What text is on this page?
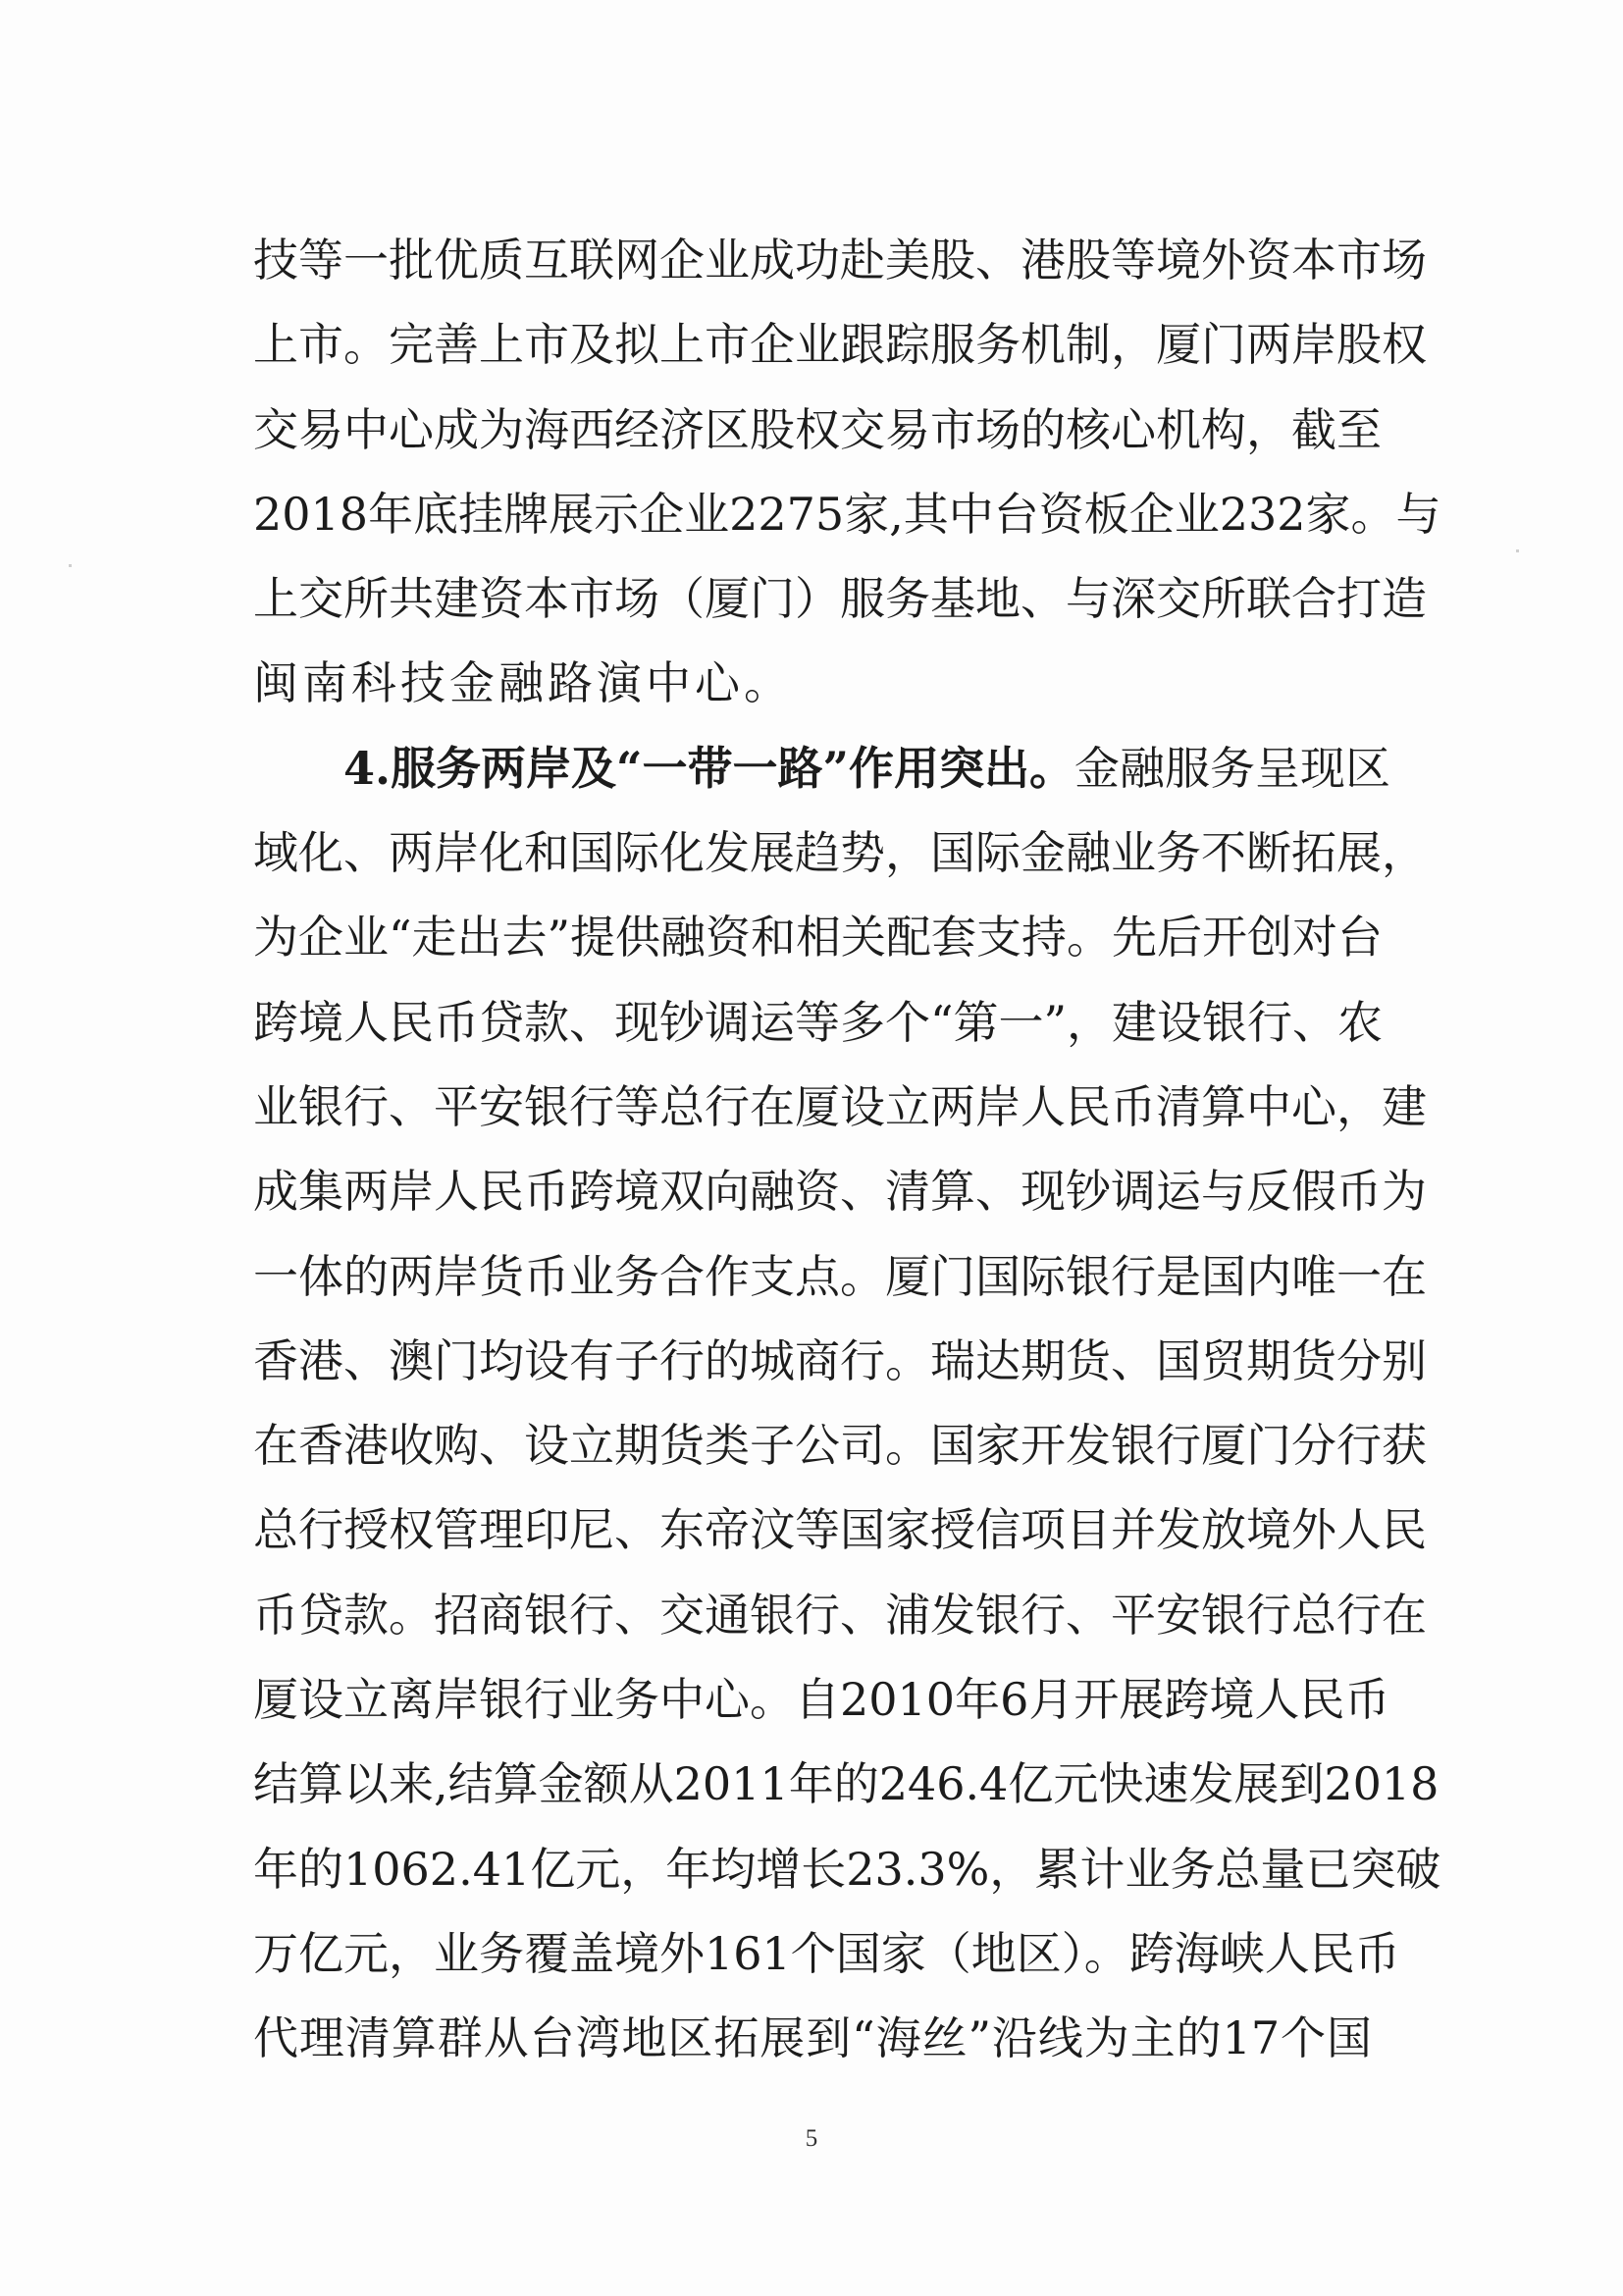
技等一批优质互联网企业成功赴美股、港股等境外资本市场
上市。完善上市及拟上市企业跟踪服务机制，厦门两岸股权
交易中心成为海西经济区股权交易市场的核心机构，截至
2018年底挂牌展示企业2275家,其中台资板企业232家。与
上交所共建资本市场（厦门）服务基地、与深交所联合打造
闽南科技金融路演中心。
4.服务两岸及“一带一路”作用突出。金融服务呈现区
域化、两岸化和国际化发展趋势，国际金融业务不断拓展，
为企业“走出去”提供融资和相关配套支持。先后开创对台
跨境人民币贷款、现钞调运等多个“第一”，建设银行、农
业银行、平安银行等总行在厦设立两岸人民币清算中心，建
成集两岸人民币跨境双向融资、清算、现钞调运与反假币为
一体的两岸货币业务合作支点。厦门国际银行是国内唯一在
香港、澳门均设有子行的城商行。瑞达期货、国贸期货分别
在香港收购、设立期货类子公司。国家开发银行厦门分行获
总行授权管理印尼、东帝汶等国家授信项目并发放境外人民
币贷款。招商银行、交通银行、浦发银行、平安银行总行在
厦设立离岸银行业务中心。自2010年6月开展跨境人民币
结算以来,结算金额从2011年的246.4亿元快速发展到2018
年的1062.41亿元，年均增长23.3%，累计业务总量已突破
万亿元，业务覆盖境外161个国家（地区）。跨海峡人民币
代理清算群从台湾地区拓展到“海丝”沿线为主的17个国
5
